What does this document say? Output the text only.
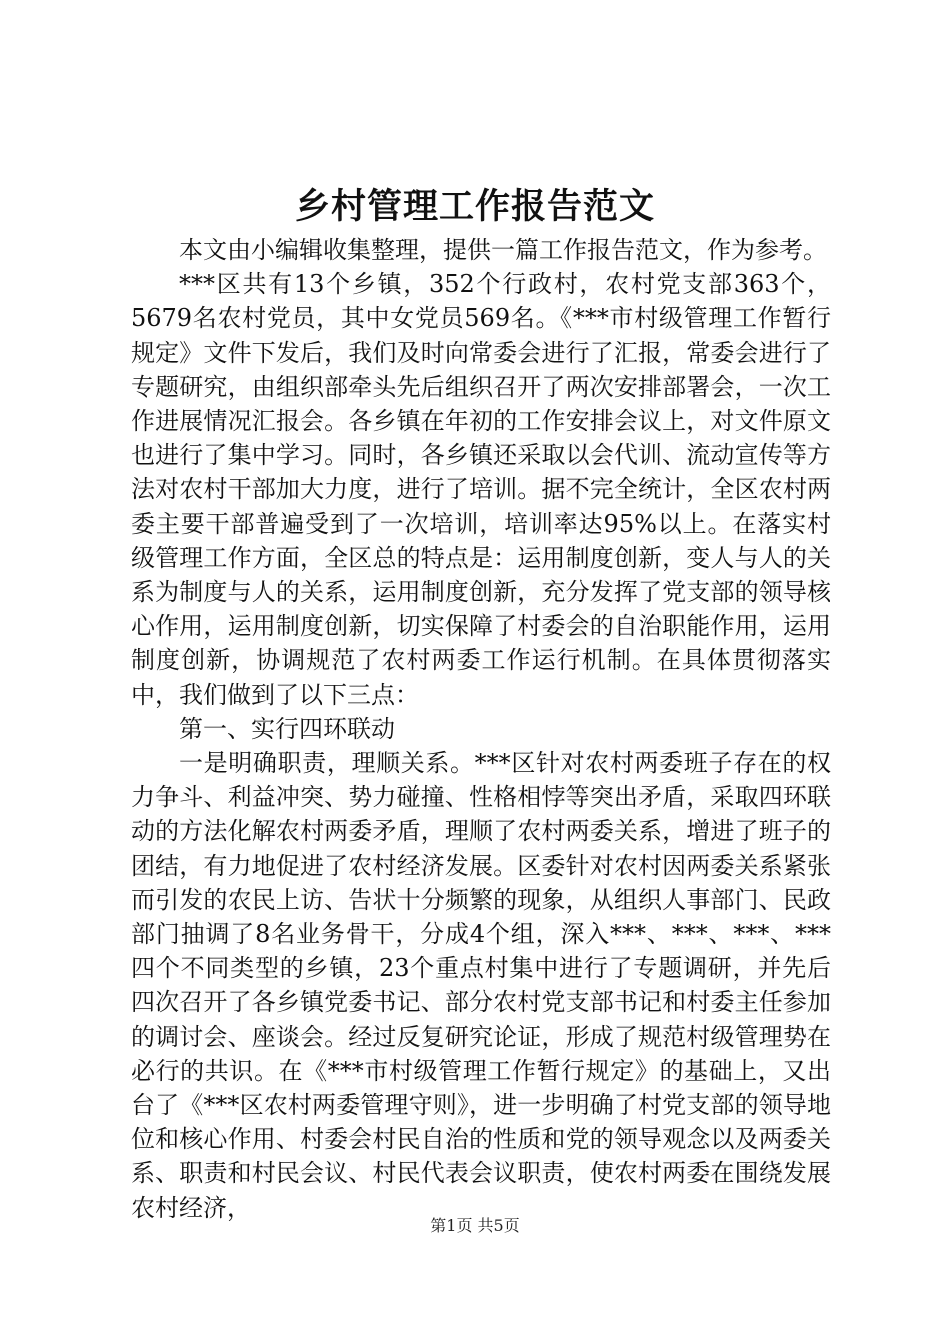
乡村管理工作报告范文

本文由小编辑收集整理，提供一篇工作报告范文，作为参考。

***区共有13个乡镇，352个行政村，农村党支部363个，5679名农村党员，其中女党员569名。《***市村级管理工作暂行规定》文件下发后，我们及时向常委会进行了汇报，常委会进行了专题研究，由组织部牵头先后组织召开了两次安排部署会，一次工作进展情况汇报会。各乡镇在年初的工作安排会议上，对文件原文也进行了集中学习。同时，各乡镇还采取以会代训、流动宣传等方法对农村干部加大力度，进行了培训。据不完全统计，全区农村两委主要干部普遍受到了一次培训，培训率达95%以上。在落实村级管理工作方面，全区总的特点是：运用制度创新，变人与人的关系为制度与人的关系，运用制度创新，充分发挥了党支部的领导核心作用，运用制度创新，切实保障了村委会的自治职能作用，运用制度创新，协调规范了农村两委工作运行机制。在具体贯彻落实中，我们做到了以下三点：

第一、实行四环联动

一是明确职责，理顺关系。***区针对农村两委班子存在的权力争斗、利益冲突、势力碰撞、性格相悖等突出矛盾，采取四环联动的方法化解农村两委矛盾，理顺了农村两委关系，增进了班子的团结，有力地促进了农村经济发展。区委针对农村因两委关系紧张而引发的农民上访、告状十分频繁的现象，从组织人事部门、民政部门抽调了8名业务骨干，分成4个组，深入***、***、***、***四个不同类型的乡镇，23个重点村集中进行了专题调研，并先后四次召开了各乡镇党委书记、部分农村党支部书记和村委主任参加的调讨会、座谈会。经过反复研究论证，形成了规范村级管理势在必行的共识。在《***市村级管理工作暂行规定》的基础上，又出台了《***区农村两委管理守则》，进一步明确了村党支部的领导地位和核心作用、村委会村民自治的性质和党的领导观念以及两委关系、职责和村民会议、村民代表会议职责，使农村两委在围绕发展农村经济，

第1页 共5页
